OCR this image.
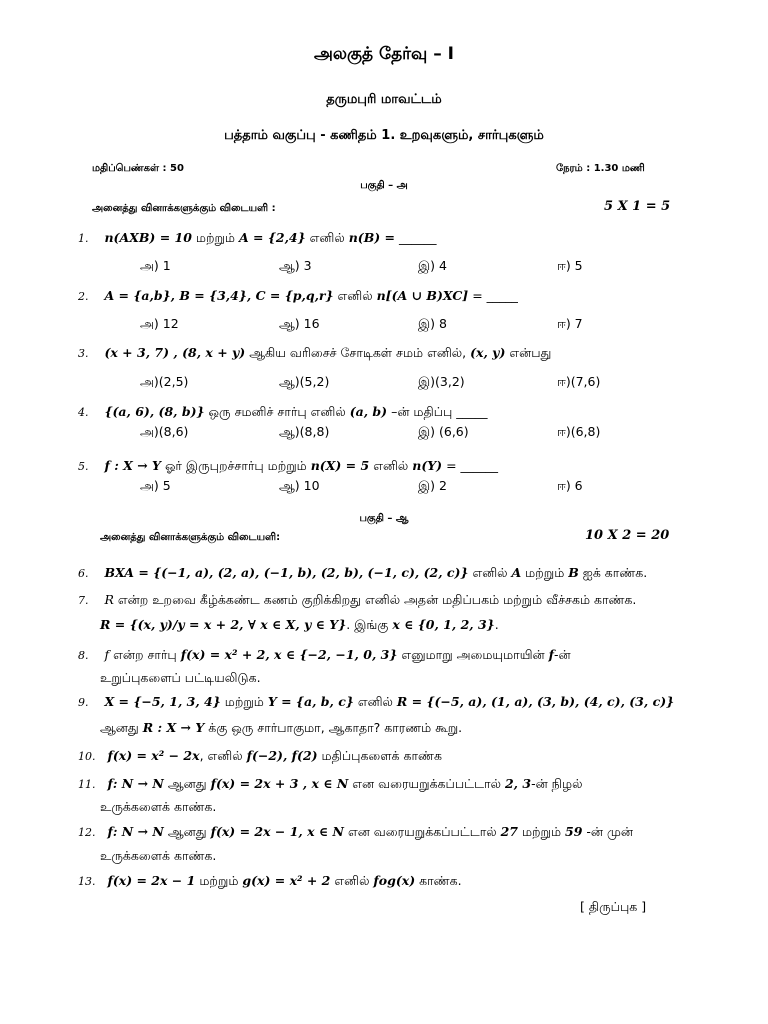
அலகுத் தேர்வு – I
தருமபுரி மாவட்டம்
பத்தாம் வகுப்பு - கணிதம் 1. உறவுகளும், சார்புகளும்
மதிப்பெண்கள் : 50	நேரம் : 1.30 மணி
பகுதி – அ
அனைத்து வினாக்களுக்கும் விடையளி :	5 X 1 = 5
1. n(AXB) = 10 மற்றும் A = {2,4} எனில் n(B) = ______
அ) 1	ஆ) 3	இ) 4	ஈ) 5
2. A = {a,b}, B = {3,4}, C = {p,q,r} எனில் n[(A ∪ B)XC] = _____
அ) 12	ஆ) 16	இ) 8	ஈ) 7
3. (x + 3, 7) , (8, x + y) ஆகிய வரிசைச் சோடிகள் சமம் எனில், (x, y) என்பது
அ)(2,5)	ஆ)(5,2)	இ)(3,2)	ஈ)(7,6)
4. {(a, 6), (8, b)} ஒரு சமனிச் சார்பு எனில் (a, b) –ன் மதிப்பு _____
அ)(8,6)	ஆ)(8,8)	இ) (6,6)	ஈ)(6,8)
5. f : X → Y ஓர் இருபுறச்சார்பு மற்றும் n(X) = 5 எனில் n(Y) = ______
அ) 5	ஆ) 10	இ) 2	ஈ) 6
பகுதி – ஆ
அனைத்து வினாக்களுக்கும் விடையளி:	10 X 2 = 20
6. BXA = {(−1, a), (2, a), (−1, b), (2, b), (−1, c), (2, c)} எனில் A மற்றும் B ஐக் காண்க.
7. R என்ற உறவை கீழ்க்கண்ட கணம் குறிக்கிறது எனில் அதன் மதிப்பகம் மற்றும் வீச்சகம் காண்க.
R = {(x, y)/y = x + 2, ∀ x ∈ X, y ∈ Y}. இங்கு x ∈ {0, 1, 2, 3}.
8. f என்ற சார்பு f(x) = x² + 2, x ∈ {−2, −1, 0, 3} எனுமாறு அமையுமாயின் f-ன்
உறுப்புகளைப் பட்டியலிடுக.
9. X = {−5, 1, 3, 4} மற்றும் Y = {a, b, c} எனில் R = {(−5, a), (1, a), (3, b), (4, c), (3, c)}
ஆனது R : X → Y க்கு ஒரு சார்பாகுமா, ஆகாதா? காரணம் கூறு.
10. f(x) = x² − 2x, எனில் f(−2), f(2) மதிப்புகளைக் காண்க
11. f: N → N ஆனது f(x) = 2x + 3 , x ∈ N என வரையறுக்கப்பட்டால் 2, 3-ன் நிழல்
உருக்களைக் காண்க.
12. f: N → N ஆனது f(x) = 2x − 1, x ∈ N என வரையறுக்கப்பட்டால் 27 மற்றும் 59 -ன் முன்
உருக்களைக் காண்க.
13. f(x) = 2x − 1 மற்றும் g(x) = x² + 2 எனில் fog(x) காண்க.
[ திருப்புக ]
